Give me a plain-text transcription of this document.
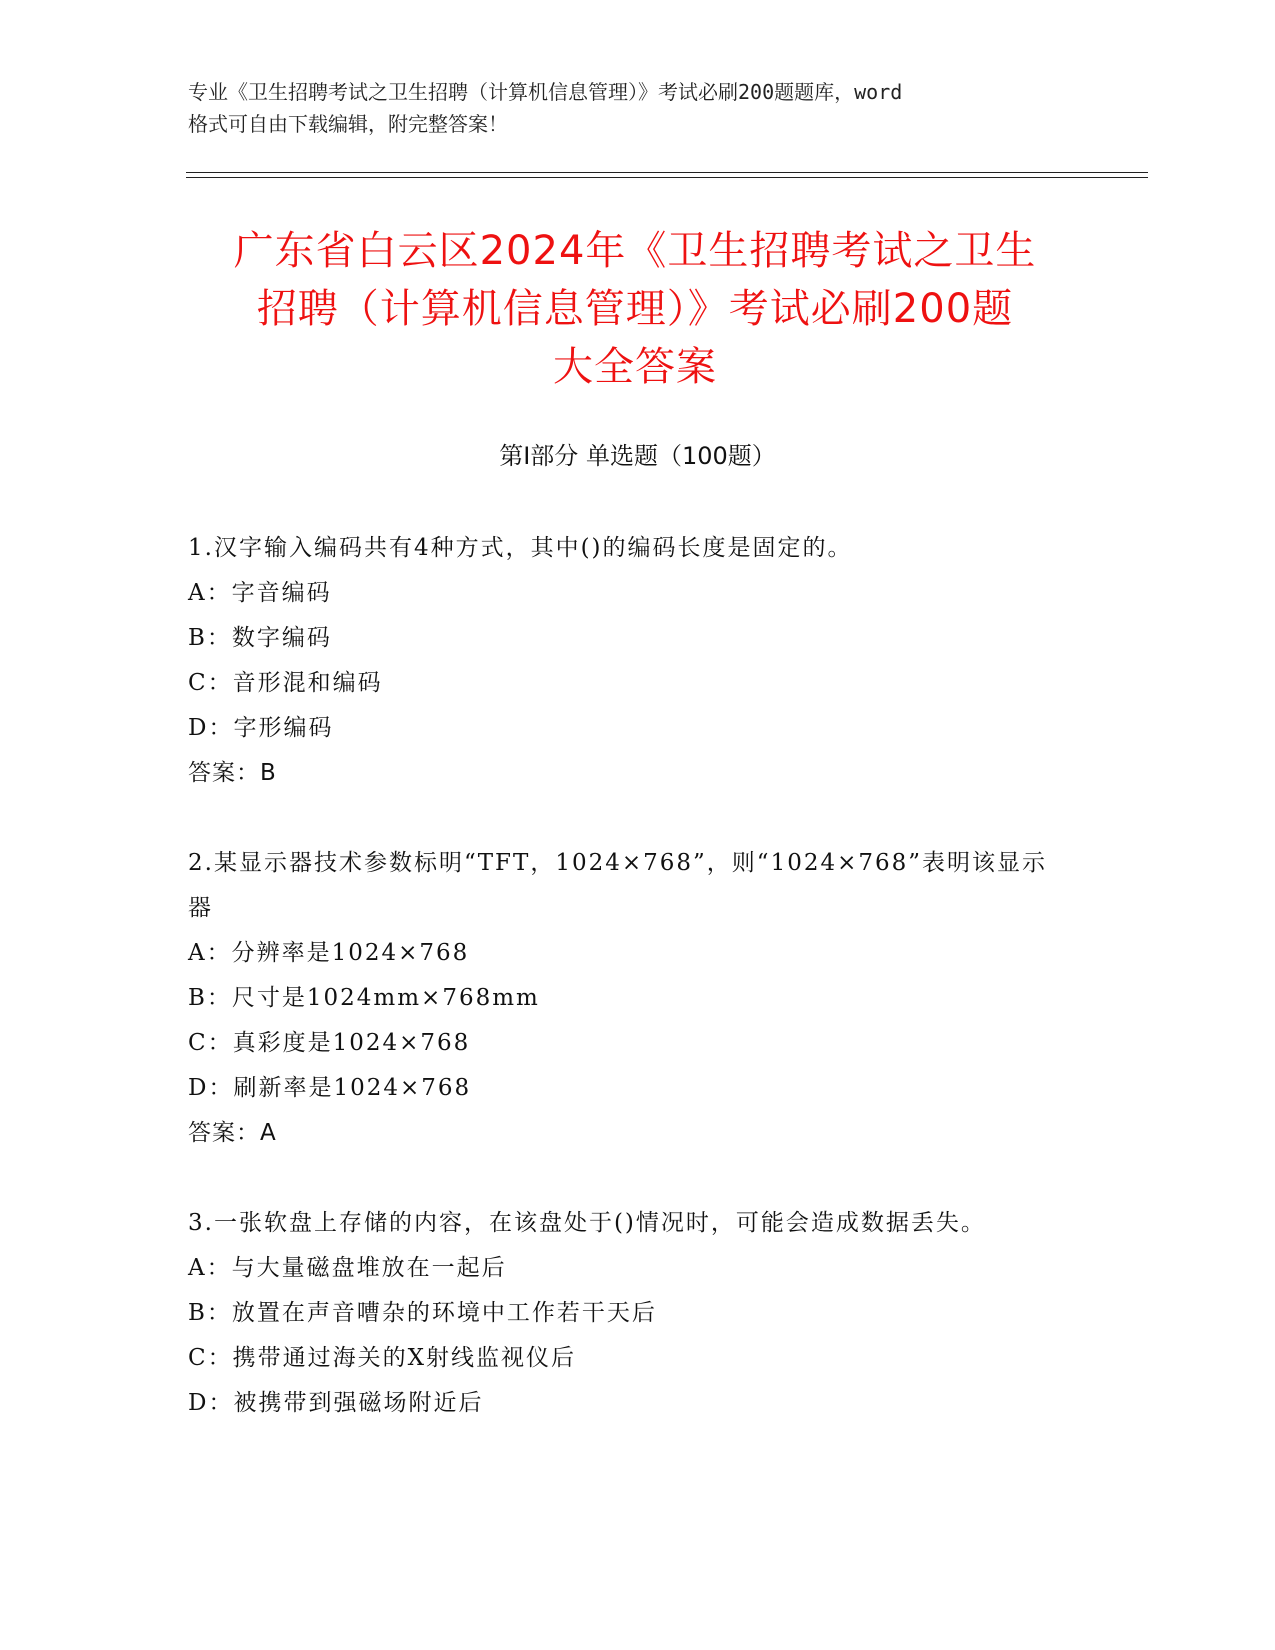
专业《卫生招聘考试之卫生招聘（计算机信息管理）》考试必刷200题题库，word
格式可自由下载编辑，附完整答案！
广东省白云区2024年《卫生招聘考试之卫生
招聘（计算机信息管理）》考试必刷200题
大全答案
第Ⅰ部分 单选题（100题）
1.汉字输入编码共有4种方式，其中()的编码长度是固定的。
A：字音编码
B：数字编码
C：音形混和编码
D：字形编码
答案：B
2.某显示器技术参数标明“TFT，1024×768”，则“1024×768”表明该显示器
A：分辨率是1024×768
B：尺寸是1024mm×768mm
C：真彩度是1024×768
D：刷新率是1024×768
答案：A
3.一张软盘上存储的内容，在该盘处于()情况时，可能会造成数据丢失。
A：与大量磁盘堆放在一起后
B：放置在声音嘈杂的环境中工作若干天后
C：携带通过海关的X射线监视仪后
D：被携带到强磁场附近后
